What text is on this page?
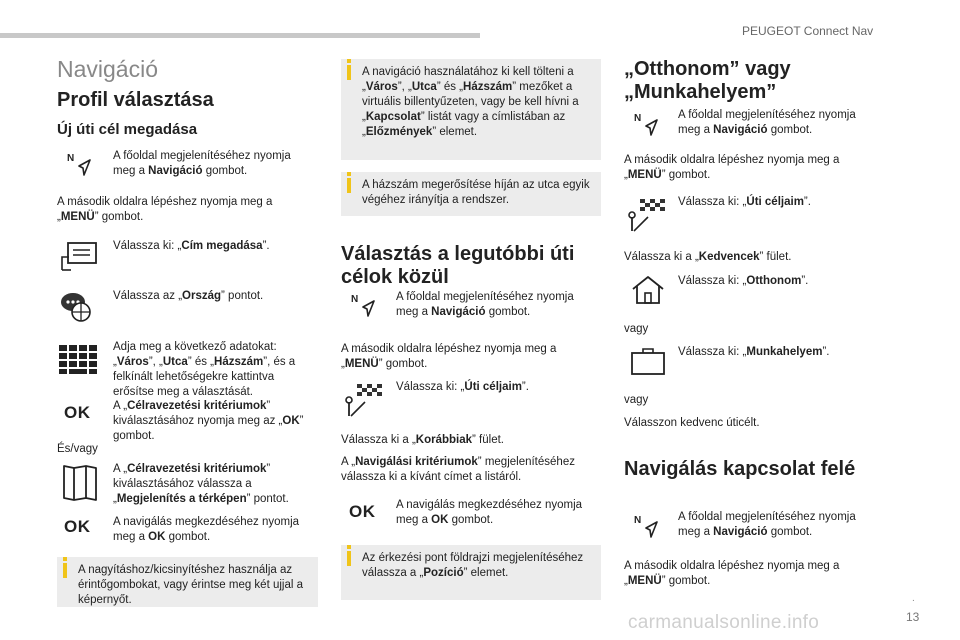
PEUGEOT Connect Nav
Navigáció
Profil választása
Új úti cél megadása
N	A főoldal megjelenítéséhez nyomja meg a Navigáció gombot.
A második oldalra lépéshez nyomja meg a „MENÜ” gombot.
Válassza ki: „Cím megadása”.
Válassza az „Ország” pontot.
Adja meg a következő adatokat: „Város”, „Utca” és „Házszám”, és a felkínált lehetőségekre kattintva erősítse meg a választását.
OK A „Célravezetési kritériumok” kiválasztásához nyomja meg az „OK” gombot.
És/vagy
A „Célravezetési kritériumok” kiválasztásához válassza a „Megjelenítés a térképen” pontot.
OK A navigálás megkezdéséhez nyomja meg a OK gombot.
A nagyításhoz/kicsinyítéshez használja az érintőgombokat, vagy érintse meg két ujjal a képernyőt.
A navigáció használatához ki kell tölteni a „Város”, „Utca” és „Házszám” mezőket a virtuális billentyűzeten, vagy be kell hívni a „Kapcsolat” listát vagy a címlistában az „Előzmények” elemet.
A házszám megerősítése híján az utca egyik végéhez irányítja a rendszer.
Választás a legutóbbi úti célok közül
N	A főoldal megjelenítéséhez nyomja meg a Navigáció gombot.
A második oldalra lépéshez nyomja meg a „MENÜ” gombot.
Válassza ki: „Úti céljaim”.
Válassza ki a „Korábbiak” fület.
A „Navigálási kritériumok” megjelenítéséhez válassza ki a kívánt címet a listáról.
OK A navigálás megkezdéséhez nyomja meg a OK gombot.
Az érkezési pont földrajzi megjelenítéséhez válassza a „Pozíció” elemet.
„Otthonom” vagy „Munkahelyem”
N	A főoldal megjelenítéséhez nyomja meg a Navigáció gombot.
A második oldalra lépéshez nyomja meg a „MENÜ” gombot.
Válassza ki: „Úti céljaim”.
Válassza ki a „Kedvencek” fület.
Válassza ki: „Otthonom”.
vagy
Válassza ki: „Munkahelyem”.
vagy
Válasszon kedvenc úticélt.
Navigálás kapcsolat felé
N	A főoldal megjelenítéséhez nyomja meg a Navigáció gombot.
A második oldalra lépéshez nyomja meg a „MENÜ” gombot.
.
13
carmanualsonline.info
